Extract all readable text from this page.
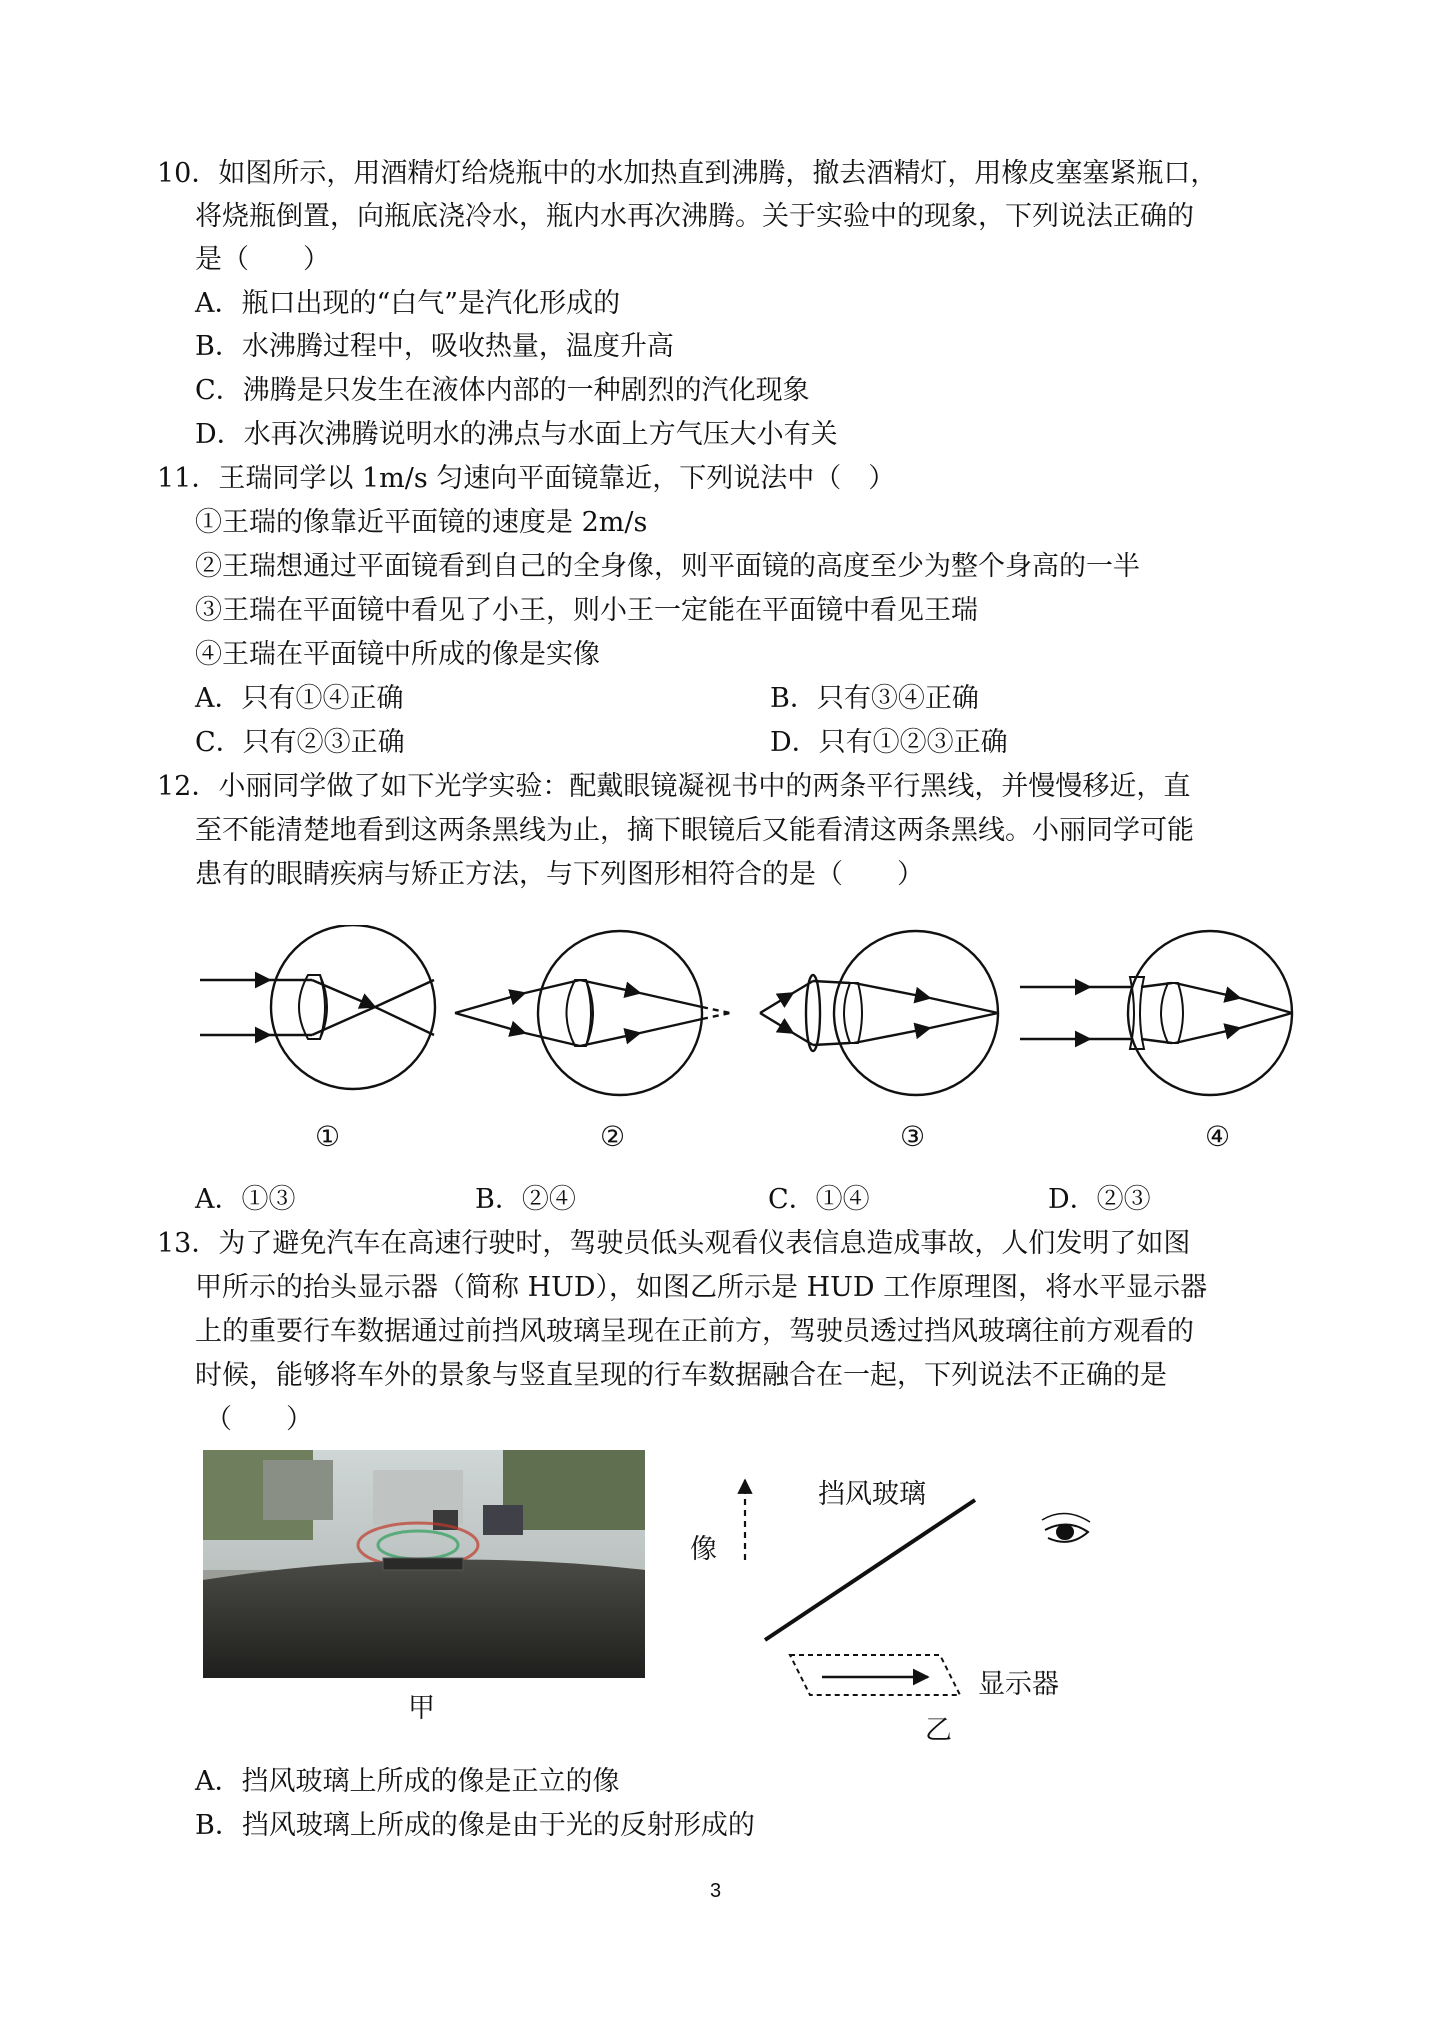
10．如图所示，用酒精灯给烧瓶中的水加热直到沸腾，撤去酒精灯，用橡皮塞塞紧瓶口，
将烧瓶倒置，向瓶底浇冷水，瓶内水再次沸腾。关于实验中的现象，下列说法正确的
是（　　）
A．瓶口出现的“白气”是汽化形成的
B．水沸腾过程中，吸收热量，温度升高
C．沸腾是只发生在液体内部的一种剧烈的汽化现象
D．水再次沸腾说明水的沸点与水面上方气压大小有关
11．王瑞同学以 1m/s 匀速向平面镜靠近，下列说法中（　）
①王瑞的像靠近平面镜的速度是 2m/s
②王瑞想通过平面镜看到自己的全身像，则平面镜的高度至少为整个身高的一半
③王瑞在平面镜中看见了小王，则小王一定能在平面镜中看见王瑞
④王瑞在平面镜中所成的像是实像
A．只有①④正确	B．只有③④正确
C．只有②③正确	D．只有①②③正确
12．小丽同学做了如下光学实验：配戴眼镜凝视书中的两条平行黑线，并慢慢移近，直
至不能清楚地看到这两条黑线为止，摘下眼镜后又能看清这两条黑线。小丽同学可能
患有的眼睛疾病与矫正方法，与下列图形相符合的是（　　）
①	②	③	④
A．①③	B．②④	C．①④	D．②③
13．为了避免汽车在高速行驶时，驾驶员低头观看仪表信息造成事故，人们发明了如图
甲所示的抬头显示器（简称 HUD），如图乙所示是 HUD 工作原理图，将水平显示器
上的重要行车数据通过前挡风玻璃呈现在正前方，驾驶员透过挡风玻璃往前方观看的
时候，能够将车外的景象与竖直呈现的行车数据融合在一起，下列说法不正确的是
（　　）
甲
像
挡风玻璃
显示器
乙
A．挡风玻璃上所成的像是正立的像
B．挡风玻璃上所成的像是由于光的反射形成的
3
